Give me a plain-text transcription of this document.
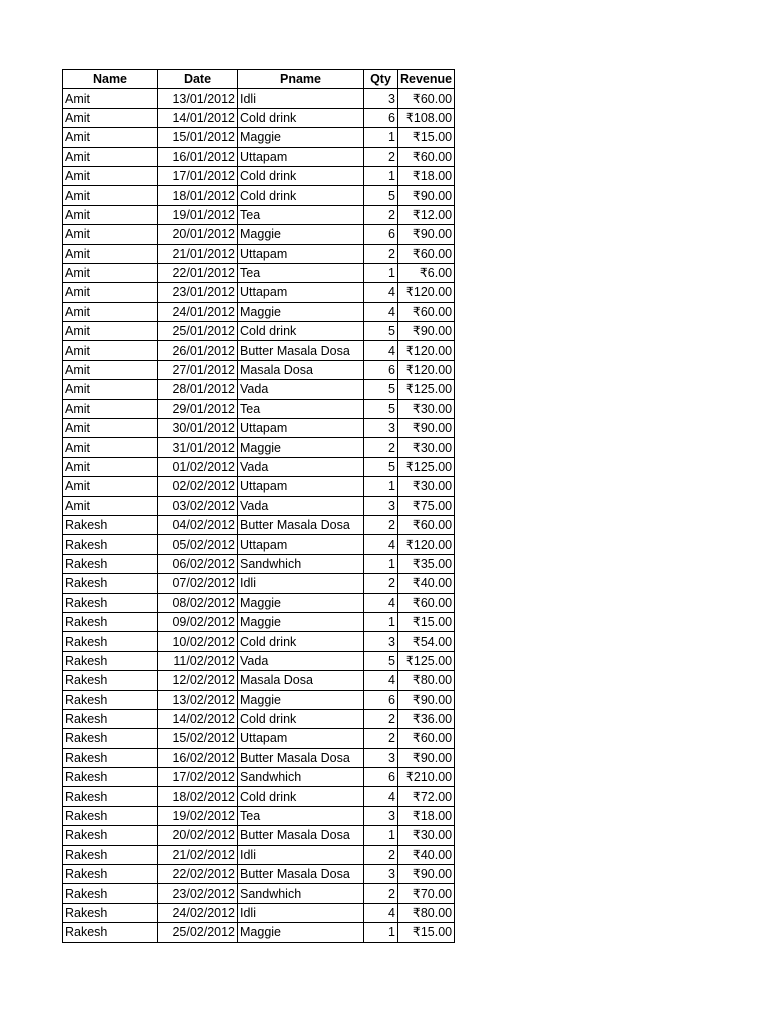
Name	Date	Pname	Qty	Revenue
Amit	13/01/2012	Idli	3	₹60.00
Amit	14/01/2012	Cold drink	6	₹108.00
Amit	15/01/2012	Maggie	1	₹15.00
Amit	16/01/2012	Uttapam	2	₹60.00
Amit	17/01/2012	Cold drink	1	₹18.00
Amit	18/01/2012	Cold drink	5	₹90.00
Amit	19/01/2012	Tea	2	₹12.00
Amit	20/01/2012	Maggie	6	₹90.00
Amit	21/01/2012	Uttapam	2	₹60.00
Amit	22/01/2012	Tea	1	₹6.00
Amit	23/01/2012	Uttapam	4	₹120.00
Amit	24/01/2012	Maggie	4	₹60.00
Amit	25/01/2012	Cold drink	5	₹90.00
Amit	26/01/2012	Butter Masala Dosa	4	₹120.00
Amit	27/01/2012	Masala Dosa	6	₹120.00
Amit	28/01/2012	Vada	5	₹125.00
Amit	29/01/2012	Tea	5	₹30.00
Amit	30/01/2012	Uttapam	3	₹90.00
Amit	31/01/2012	Maggie	2	₹30.00
Amit	01/02/2012	Vada	5	₹125.00
Amit	02/02/2012	Uttapam	1	₹30.00
Amit	03/02/2012	Vada	3	₹75.00
Rakesh	04/02/2012	Butter Masala Dosa	2	₹60.00
Rakesh	05/02/2012	Uttapam	4	₹120.00
Rakesh	06/02/2012	Sandwhich	1	₹35.00
Rakesh	07/02/2012	Idli	2	₹40.00
Rakesh	08/02/2012	Maggie	4	₹60.00
Rakesh	09/02/2012	Maggie	1	₹15.00
Rakesh	10/02/2012	Cold drink	3	₹54.00
Rakesh	11/02/2012	Vada	5	₹125.00
Rakesh	12/02/2012	Masala Dosa	4	₹80.00
Rakesh	13/02/2012	Maggie	6	₹90.00
Rakesh	14/02/2012	Cold drink	2	₹36.00
Rakesh	15/02/2012	Uttapam	2	₹60.00
Rakesh	16/02/2012	Butter Masala Dosa	3	₹90.00
Rakesh	17/02/2012	Sandwhich	6	₹210.00
Rakesh	18/02/2012	Cold drink	4	₹72.00
Rakesh	19/02/2012	Tea	3	₹18.00
Rakesh	20/02/2012	Butter Masala Dosa	1	₹30.00
Rakesh	21/02/2012	Idli	2	₹40.00
Rakesh	22/02/2012	Butter Masala Dosa	3	₹90.00
Rakesh	23/02/2012	Sandwhich	2	₹70.00
Rakesh	24/02/2012	Idli	4	₹80.00
Rakesh	25/02/2012	Maggie	1	₹15.00
